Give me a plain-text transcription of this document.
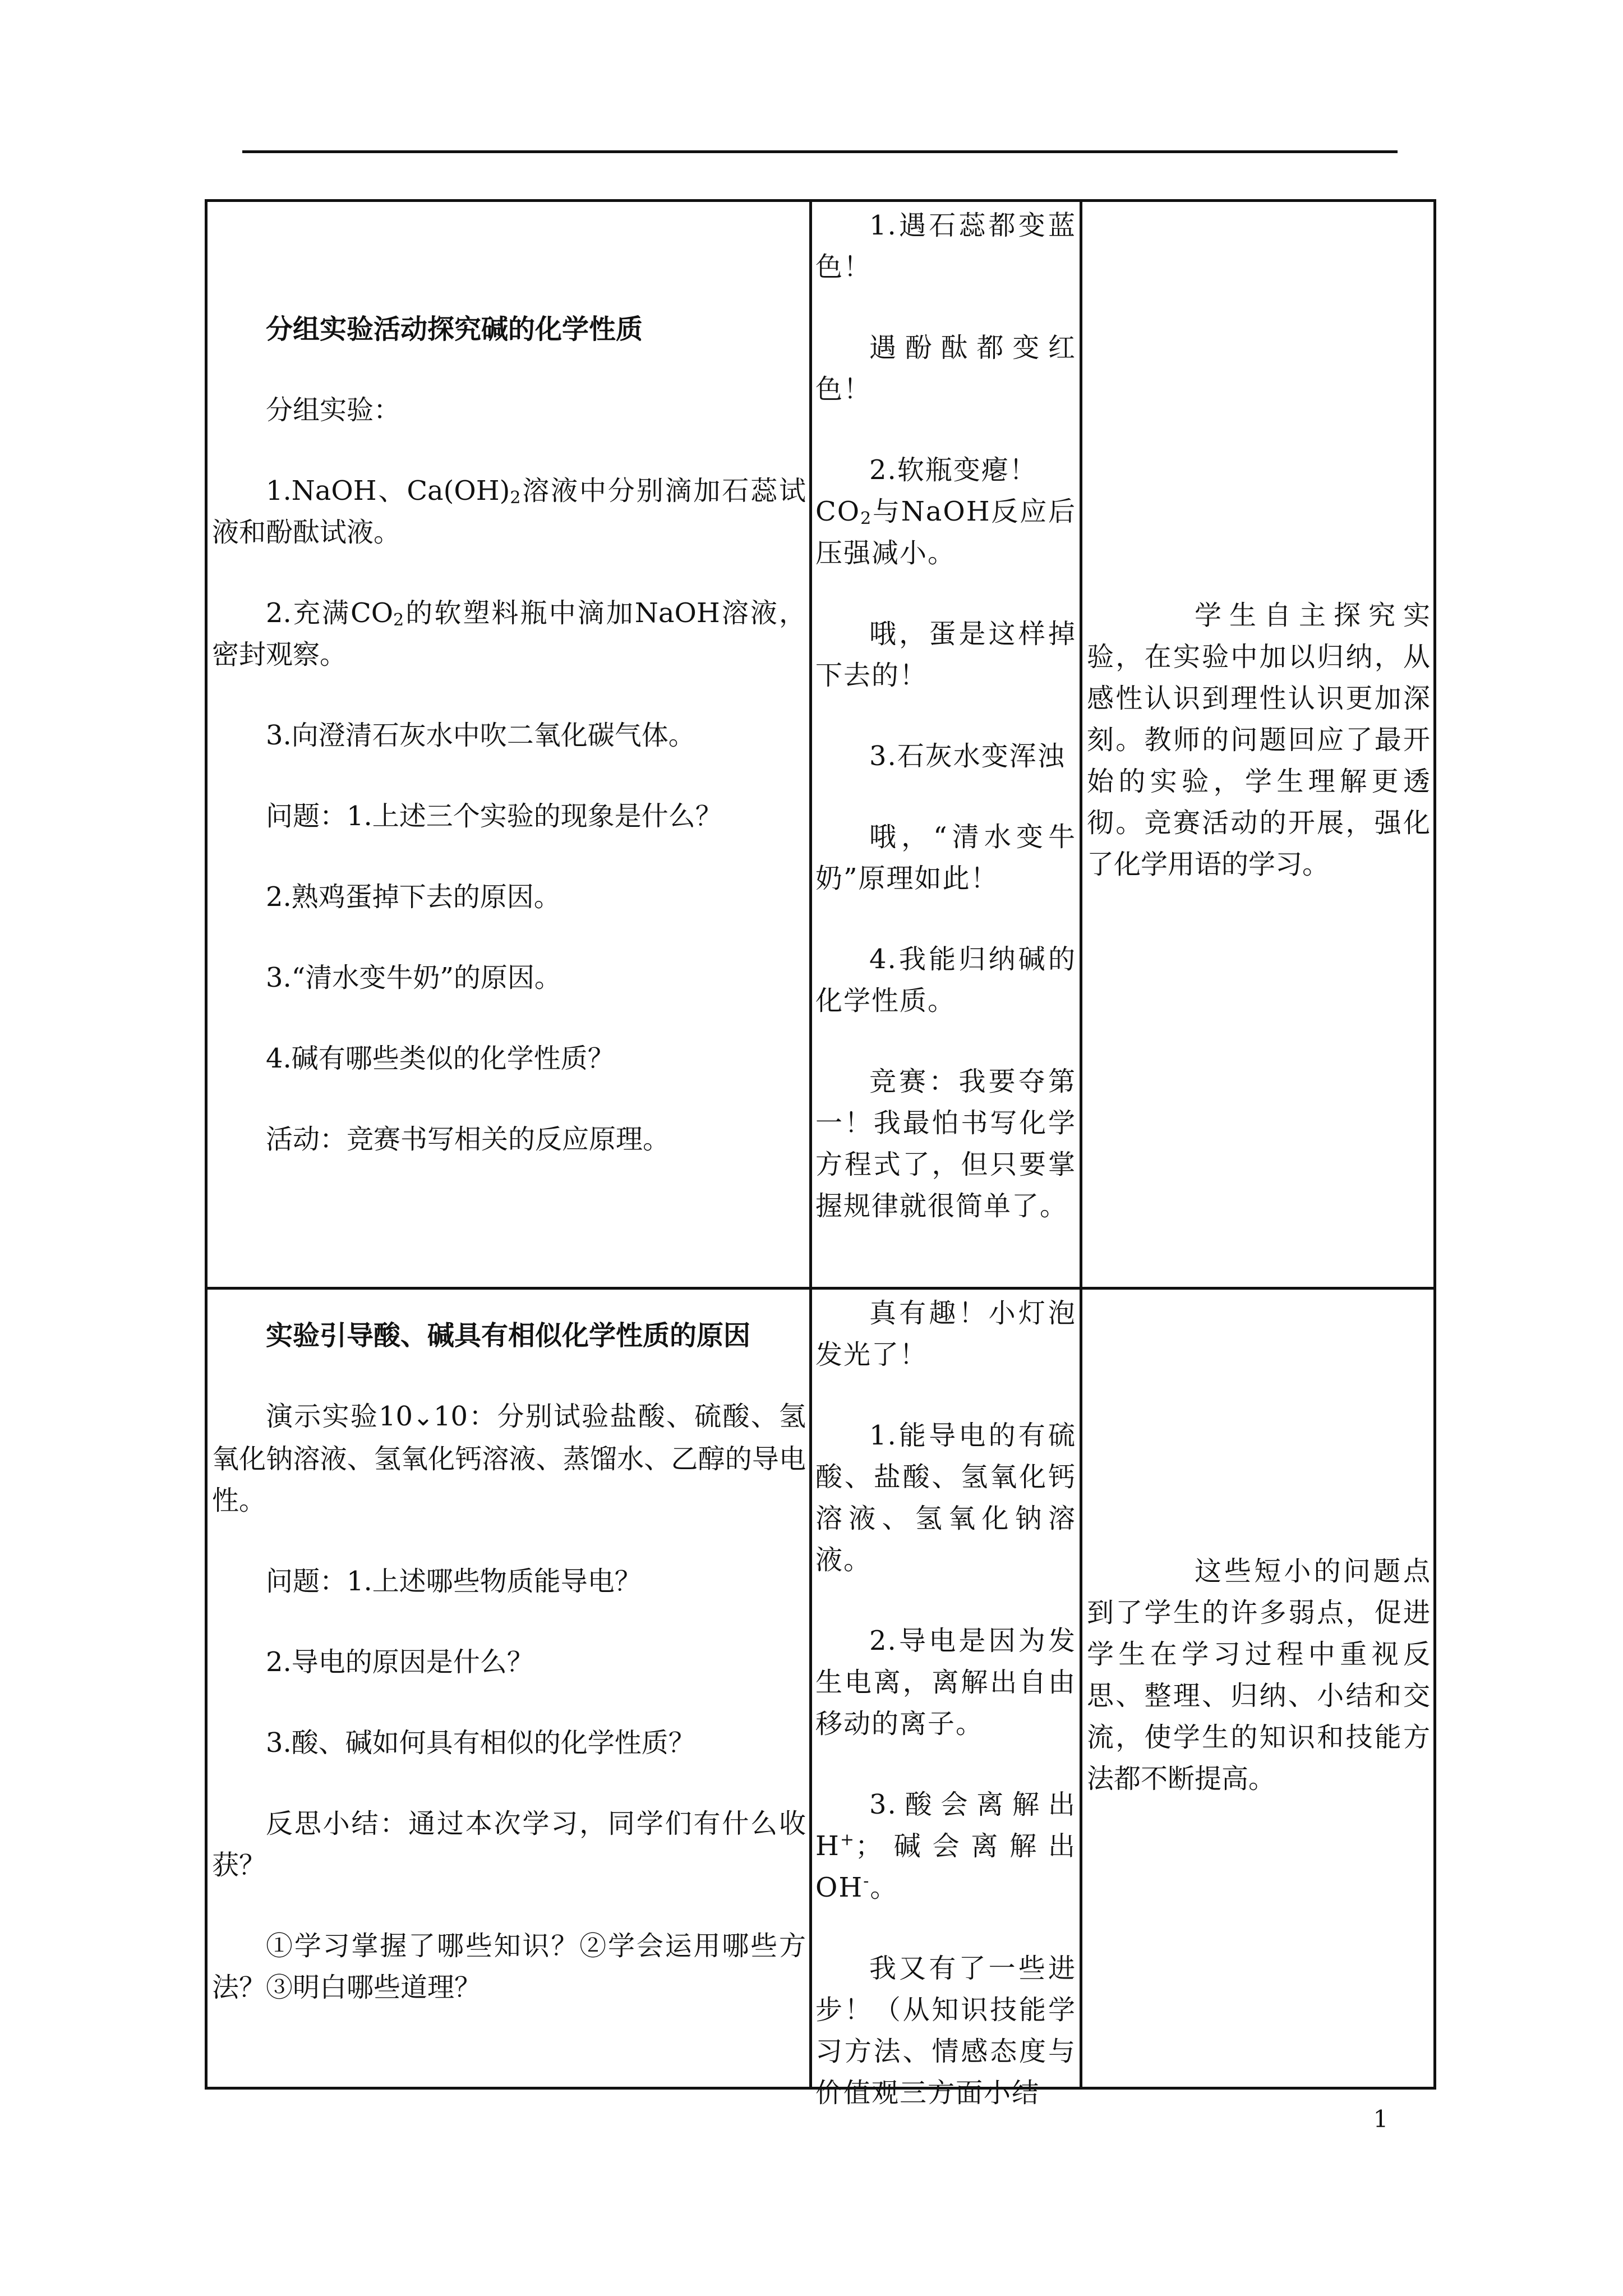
分组实验活动探究碱的化学性质

分组实验：

1.NaOH、$Ca(OH)_2$溶液中分别滴加石蕊试液和酚酞试液。

2.充满$CO_2$的软塑料瓶中滴加NaOH溶液，密封观察。

3.向澄清石灰水中吹二氧化碳气体。

问题：1.上述三个实验的现象是什么？

2.熟鸡蛋掉下去的原因。

3.“清水变牛奶”的原因。

4.碱有哪些类似的化学性质？

活动：竞赛书写相关的反应原理。

1.遇石蕊都变蓝色！

遇酚酞都变红色！

2.软瓶变瘪！

$CO_2$与NaOH反应后压强减小。

哦，蛋是这样掉下去的！

3.石灰水变浑浊

哦，“清水变牛奶”原理如此！

4.我能归纳碱的化学性质。

竞赛：我要夺第一！我最怕书写化学方程式了，但只要掌握规律就很简单了。

学生自主探究实验，在实验中加以归纳，从感性认识到理性认识更加深刻。教师的问题回应了最开始的实验，学生理解更透彻。竞赛活动的开展，强化了化学用语的学习。

实验引导酸、碱具有相似化学性质的原因

演示实验10⌄10：分别试验盐酸、硫酸、氢氧化钠溶液、氢氧化钙溶液、蒸馏水、乙醇的导电性。

问题：1.上述哪些物质能导电？

2.导电的原因是什么？

3.酸、碱如何具有相似的化学性质？

反思小结：通过本次学习，同学们有什么收获？

①学习掌握了哪些知识？②学会运用哪些方法？③明白哪些道理？

真有趣！小灯泡发光了！

1.能导电的有硫酸、盐酸、氢氧化钙溶液、氢氧化钠溶液。

2.导电是因为发生电离，离解出自由移动的离子。

3.酸会离解出H+；碱会离解出OH-。

我又有了一些进步！（从知识技能学习方法、情感态度与价值观三方面小结

这些短小的问题点到了学生的许多弱点，促进学生在学习过程中重视反思、整理、归纳、小结和交流，使学生的知识和技能方法都不断提高。

1
